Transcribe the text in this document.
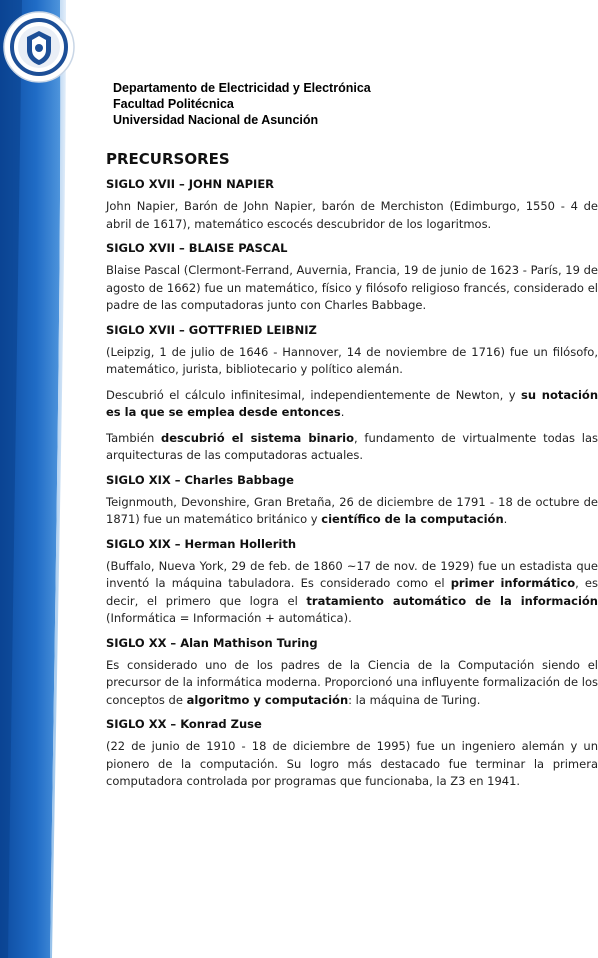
Departamento de Electricidad y Electrónica
Facultad Politécnica
Universidad Nacional de Asunción
PRECURSORES
SIGLO XVII – JOHN NAPIER

John Napier, Barón de John Napier, barón de Merchiston (Edimburgo, 1550 - 4 de abril de 1617), matemático escocés descubridor de los logaritmos.

SIGLO XVII – BLAISE PASCAL

Blaise Pascal (Clermont-Ferrand, Auvernia, Francia, 19 de junio de 1623 - París, 19 de agosto de 1662) fue un matemático, físico y filósofo religioso francés, considerado el padre de las computadoras junto con Charles Babbage.

SIGLO XVII – GOTTFRIED LEIBNIZ

(Leipzig, 1 de julio de 1646 - Hannover, 14 de noviembre de 1716) fue un filósofo, matemático, jurista, bibliotecario y político alemán.

Descubrió el cálculo infinitesimal, independientemente de Newton, y su notación es la que se emplea desde entonces.

También descubrió el sistema binario, fundamento de virtualmente todas las arquitecturas de las computadoras actuales.

SIGLO XIX – Charles Babbage

Teignmouth, Devonshire, Gran Bretaña, 26 de diciembre de 1791 - 18 de octubre de 1871) fue un matemático británico y científico de la computación.

SIGLO XIX – Herman Hollerith

(Buffalo, Nueva York, 29 de feb. de 1860 ~17 de nov. de 1929) fue un estadista que inventó la máquina tabuladora. Es considerado como el primer informático, es decir, el primero que logra el tratamiento automático de la información (Informática = Información + automática).

SIGLO XX – Alan Mathison Turing

Es considerado uno de los padres de la Ciencia de la Computación siendo el precursor de la informática moderna. Proporcionó una influyente formalización de los conceptos de algoritmo y computación: la máquina de Turing.

SIGLO XX – Konrad Zuse

(22 de junio de 1910 - 18 de diciembre de 1995) fue un ingeniero alemán y un pionero de la computación. Su logro más destacado fue terminar la primera computadora controlada por programas que funcionaba, la Z3 en 1941.
